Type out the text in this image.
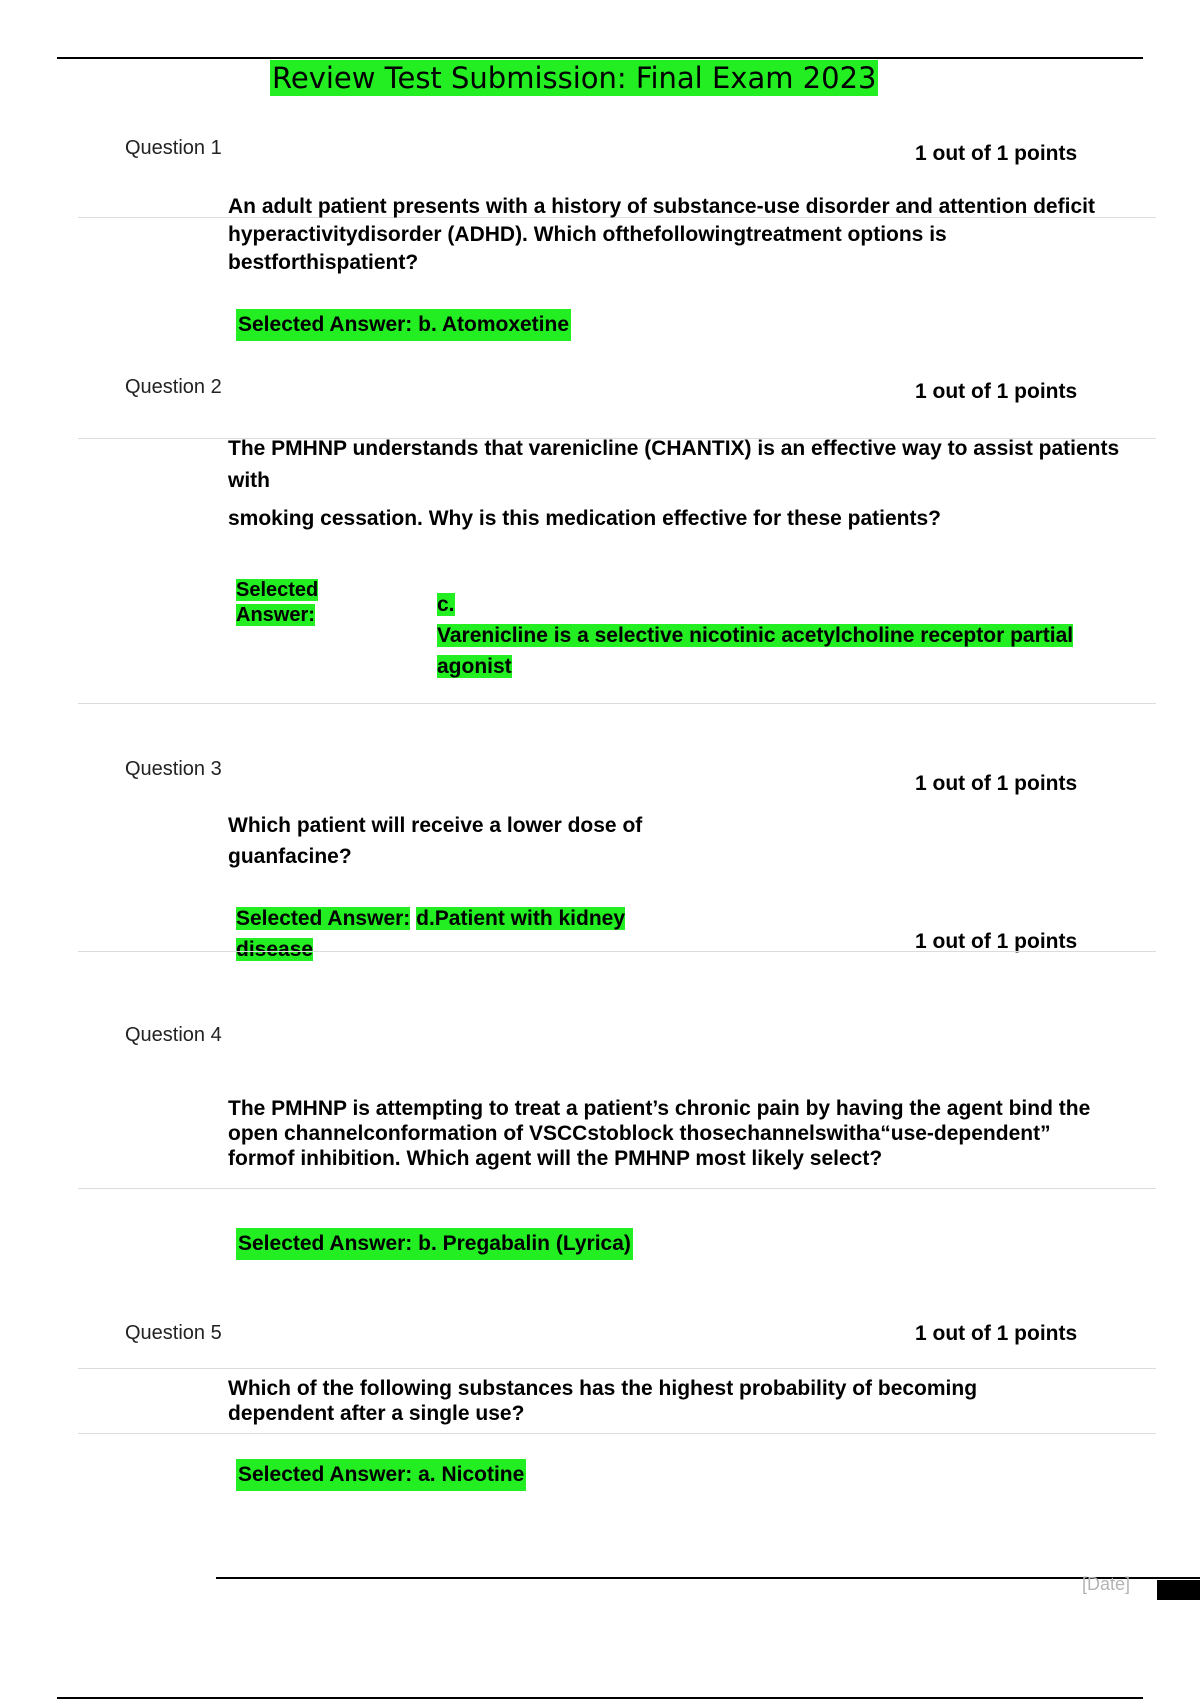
Review Test Submission: Final Exam 2023
Question 1	1 out of 1 points
An adult patient presents with a history of substance-use disorder and attention deficit hyperactivitydisorder (ADHD). Which ofthefollowingtreatment options is bestforthispatient?
Selected Answer: b. Atomoxetine
Question 2	1 out of 1 points
The PMHNP understands that varenicline (CHANTIX) is an effective way to assist patients with
smoking cessation. Why is this medication effective for these patients?
Selected
Answer:	c.
Varenicline is a selective nicotinic acetylcholine receptor partial
agonist
Question 3
1 out of 1 points
Which patient will receive a lower dose of
guanfacine?
Selected Answer: d.Patient with kidney
disease	1 out of 1 points
Question 4
The PMHNP is attempting to treat a patient’s chronic pain by having the agent bind the open channelconformation of VSCCstoblock thosechannelswitha“use-dependent” formof inhibition. Which agent will the PMHNP most likely select?
Selected Answer: b. Pregabalin (Lyrica)
Question 5	1 out of 1 points
Which of the following substances has the highest probability of becoming dependent after a single use?
Selected Answer: a. Nicotine
[Date]
